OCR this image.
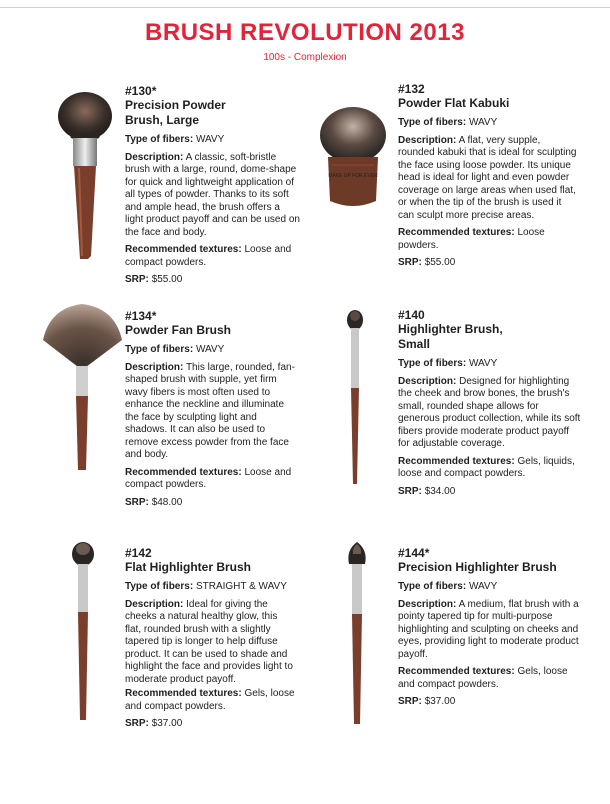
BRUSH REVOLUTION 2013
100s - Complexion
MAKE UP FOR EVER
#130*
Precision Powder Brush, Large
Type of fibers: WAVY
Description: A classic, soft-bristle brush with a large, round, dome-shape for quick and lightweight application of all types of powder. Thanks to its soft and ample head, the brush offers a light product payoff and can be used on the face and body.
Recommended textures: Loose and compact powders.
SRP: $55.00
#132
Powder Flat Kabuki
Type of fibers: WAVY
Description: A flat, very supple, rounded kabuki that is ideal for sculpting the face using loose powder. Its unique head is ideal for light and even powder coverage on large areas when used flat, or when the tip of the brush is used it can sculpt more precise areas.
Recommended textures: Loose powders.
SRP: $55.00
#134*
Powder Fan Brush
Type of fibers: WAVY
Description: This large, rounded, fan-shaped brush with supple, yet firm wavy fibers is most often used to enhance the neckline and illuminate the face by sculpting light and shadows. It can also be used to remove excess powder from the face and body.
Recommended textures: Loose and compact powders.
SRP: $48.00
#140
Highlighter Brush, Small
Type of fibers: WAVY
Description: Designed for highlighting the cheek and brow bones, the brush's small, rounded shape allows for generous product collection, while its soft fibers provide moderate product payoff for adjustable coverage.
Recommended textures: Gels, liquids, loose and compact powders.
SRP: $34.00
#142
Flat Highlighter Brush
Type of fibers: STRAIGHT & WAVY
Description: Ideal for giving the cheeks a natural healthy glow, this flat, rounded brush with a slightly tapered tip is longer to help diffuse product. It can be used to shade and highlight the face and provides light to moderate product payoff.
Recommended textures: Gels, loose and compact powders.
SRP: $37.00
#144*
Precision Highlighter Brush
Type of fibers: WAVY
Description: A medium, flat brush with a pointy tapered tip for multi-purpose highlighting and sculpting on cheeks and eyes, providing light to moderate product payoff.
Recommended textures: Gels, loose and compact powders.
SRP: $37.00
